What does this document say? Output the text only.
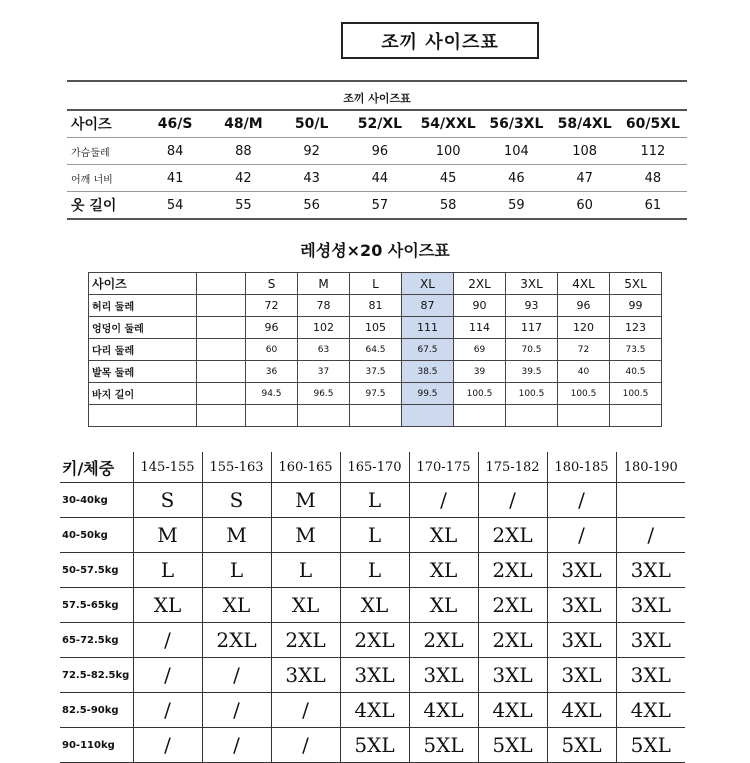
조끼 사이즈표
조끼 사이즈표
사이즈	46/S	48/M	50/L	52/XL	54/XXL	56/3XL	58/4XL	60/5XL
가슴둘레	84	88	92	96	100	104	108	112
어깨 너비	41	42	43	44	45	46	47	48
옷 길이	54	55	56	57	58	59	60	61
레셩셩×20 사이즈표
사이즈		S	M	L	XL	2XL	3XL	4XL	5XL
허리 둘레		72	78	81	87	90	93	96	99
엉덩이 둘레		96	102	105	111	114	117	120	123
다리 둘레		60	63	64.5	67.5	69	70.5	72	73.5
발목 둘레		36	37	37.5	38.5	39	39.5	40	40.5
바지 길이		94.5	96.5	97.5	99.5	100.5	100.5	100.5	100.5

키/체중	145-155	155-163	160-165	165-170	170-175	175-182	180-185	180-190
30-40kg	S	S	M	L	/	/	/	
40-50kg	M	M	M	L	XL	2XL	/	/
50-57.5kg	L	L	L	L	XL	2XL	3XL	3XL
57.5-65kg	XL	XL	XL	XL	XL	2XL	3XL	3XL
65-72.5kg	/	2XL	2XL	2XL	2XL	2XL	3XL	3XL
72.5-82.5kg	/	/	3XL	3XL	3XL	3XL	3XL	3XL
82.5-90kg	/	/	/	4XL	4XL	4XL	4XL	4XL
90-110kg	/	/	/	5XL	5XL	5XL	5XL	5XL
